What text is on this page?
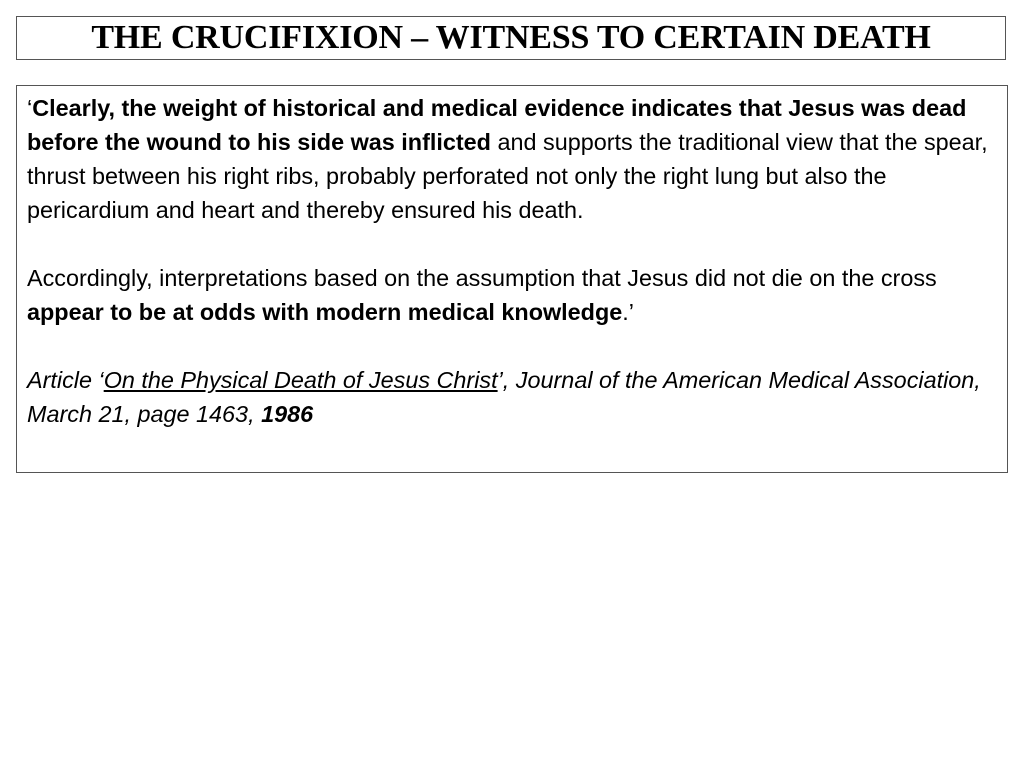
THE CRUCIFIXION – WITNESS TO CERTAIN DEATH

‘Clearly, the weight of historical and medical evidence indicates that Jesus was dead before the wound to his side was inflicted and supports the traditional view that the spear, thrust between his right ribs, probably perforated not only the right lung but also the pericardium and heart and thereby ensured his death.

Accordingly, interpretations based on the assumption that Jesus did not die on the cross appear to be at odds with modern medical knowledge.’

Article ‘On the Physical Death of Jesus Christ’, Journal of the American Medical Association, March 21, page 1463, 1986
